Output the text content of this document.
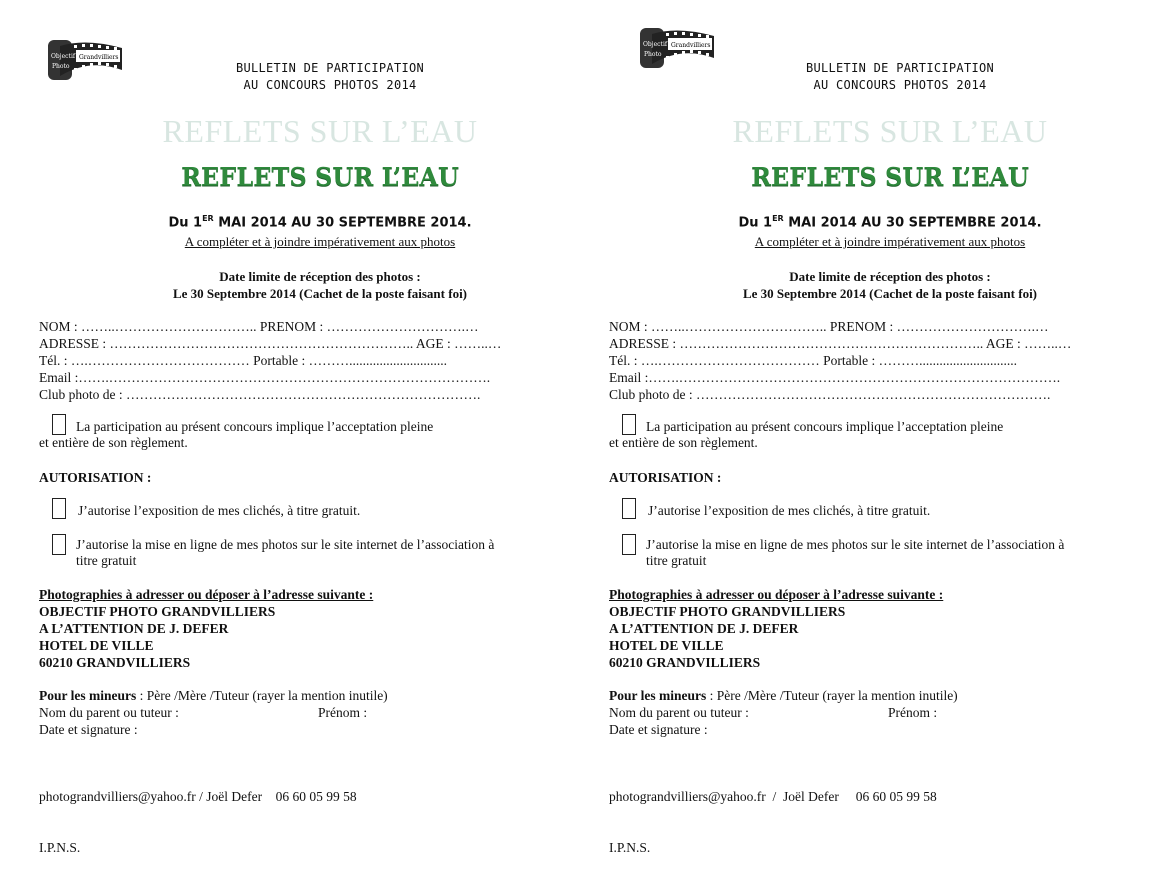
Objectif
Photo
Grandvilliers
BULLETIN DE PARTICIPATION
AU CONCOURS PHOTOS 2014
REFLETS SUR L’EAU
REFLETS SUR L’EAU
Du 1ER MAI 2014 AU 30 SEPTEMBRE 2014.
A compléter et à joindre impérativement aux photos
Date limite de réception des photos :
Le 30 Septembre 2014 (Cachet de la poste faisant foi)
NOM : ……..………………………….. PRENOM : ………………………….…
ADRESSE : ………………………………………………………….. AGE : ……..…
Tél. : ….……………………………… Portable : ……….............................
Email :…….………………………………………………………………………….
Club photo de : …………………………………………………………………….
La participation au présent concours implique l’acceptation pleine
et entière de son règlement.
AUTORISATION :
J’autorise l’exposition de mes clichés, à titre gratuit.
J’autorise la mise en ligne de mes photos sur le site internet de l’association à
titre gratuit
Photographies à adresser ou déposer à l’adresse suivante :
OBJECTIF PHOTO GRANDVILLIERS
A L’ATTENTION DE J. DEFER
HOTEL DE VILLE
60210 GRANDVILLIERS
Pour les mineurs : Père /Mère /Tuteur (rayer la mention inutile)
Nom du parent ou tuteur :	Prénom :
Date et signature :

photograndvilliers@yahoo.fr / Joël Defer    06 60 05 99 58

I.P.N.S.

Objectif
Photo
Grandvilliers
BULLETIN DE PARTICIPATION
AU CONCOURS PHOTOS 2014
REFLETS SUR L’EAU
REFLETS SUR L’EAU
Du 1ER MAI 2014 AU 30 SEPTEMBRE 2014.
A compléter et à joindre impérativement aux photos
Date limite de réception des photos :
Le 30 Septembre 2014 (Cachet de la poste faisant foi)
NOM : ……..………………………….. PRENOM : ………………………….…
ADRESSE : ………………………………………………………….. AGE : ……..…
Tél. : ….……………………………… Portable : ……….............................
Email :…….………………………………………………………………………….
Club photo de : …………………………………………………………………….
La participation au présent concours implique l’acceptation pleine
et entière de son règlement.
AUTORISATION :
J’autorise l’exposition de mes clichés, à titre gratuit.
J’autorise la mise en ligne de mes photos sur le site internet de l’association à
titre gratuit
Photographies à adresser ou déposer à l’adresse suivante :
OBJECTIF PHOTO GRANDVILLIERS
A L’ATTENTION DE J. DEFER
HOTEL DE VILLE
60210 GRANDVILLIERS
Pour les mineurs : Père /Mère /Tuteur (rayer la mention inutile)
Nom du parent ou tuteur :	Prénom :
Date et signature :

photograndvilliers@yahoo.fr  /  Joël Defer     06 60 05 99 58

I.P.N.S.
